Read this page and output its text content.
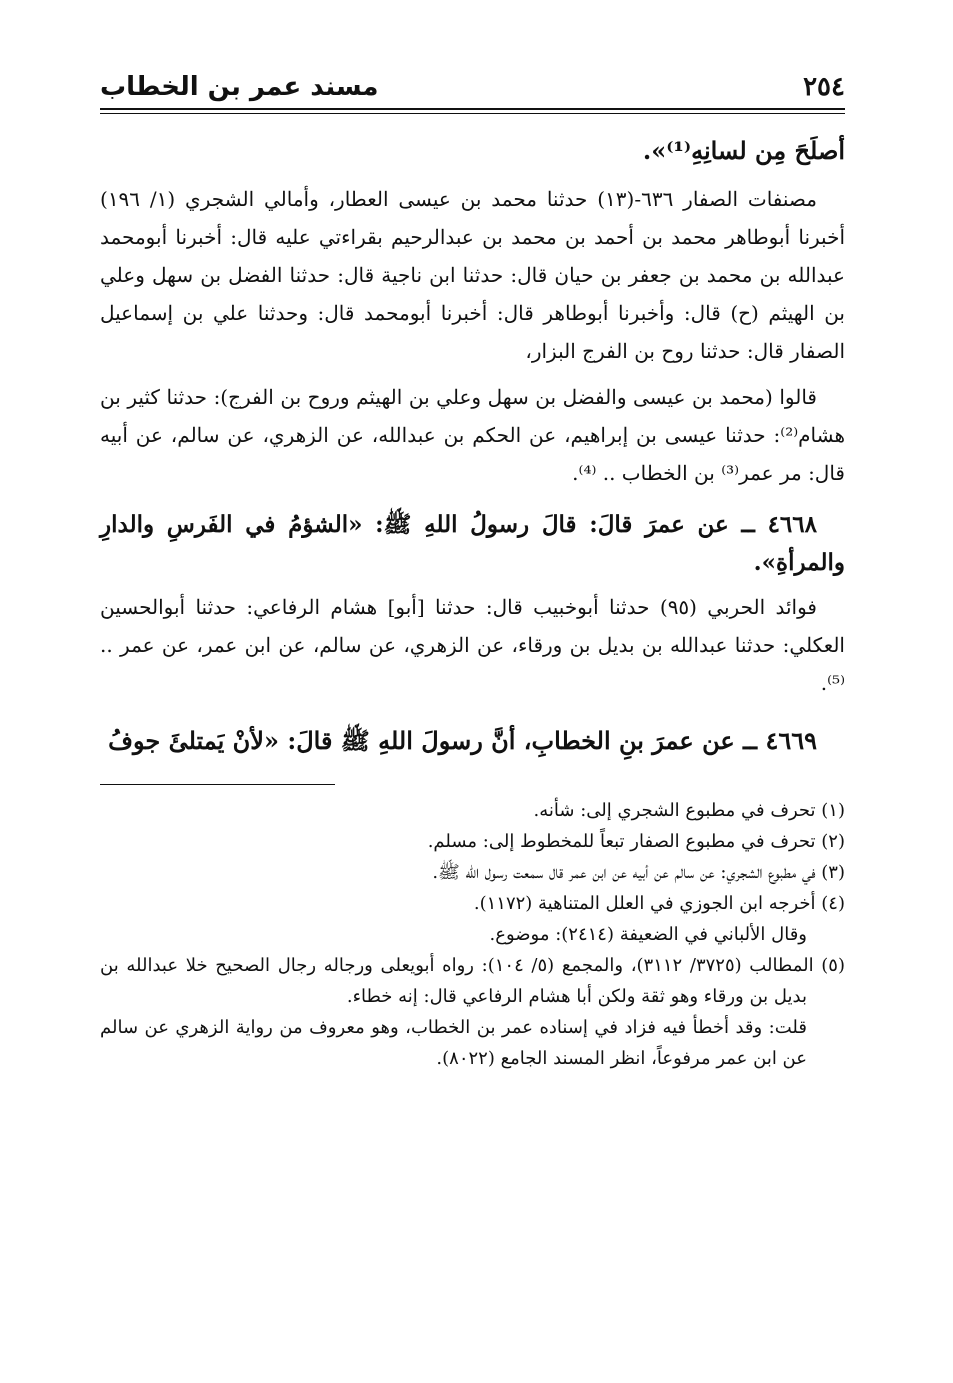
٢٥٤
مسند عمر بن الخطاب

أصلَحَ مِن لسانِهِ⁽¹⁾».

مصنفات الصفار ٦٣٦-(١٣) حدثنا محمد بن عيسى العطار، وأمالي الشجري (١/ ١٩٦) أخبرنا أبوطاهر محمد بن أحمد بن محمد بن عبدالرحيم بقراءتي عليه قال: أخبرنا أبومحمد عبدالله بن محمد بن جعفر بن حيان قال: حدثنا ابن ناجية قال: حدثنا الفضل بن سهل وعلي بن الهيثم (ح) قال: وأخبرنا أبوطاهر قال: أخبرنا أبومحمد قال: وحدثنا علي بن إسماعيل الصفار قال: حدثنا روح بن الفرج البزار،

قالوا (محمد بن عيسى والفضل بن سهل وعلي بن الهيثم وروح بن الفرج): حدثنا كثير بن هشام⁽²⁾: حدثنا عيسى بن إبراهيم، عن الحكم بن عبدالله، عن الزهري، عن سالم، عن أبيه قال: مر عمر⁽³⁾ بن الخطاب .. ⁽⁴⁾.

٤٦٦٨ ــ عن عمرَ قالَ: قالَ رسولُ اللهِ ﷺ: «الشؤمُ في الفَرسِ والدارِ والمرأةِ».

فوائد الحربي (٩٥) حدثنا أبوخبيب قال: حدثنا [أبو] هشام الرفاعي: حدثنا أبوالحسين العكلي: حدثنا عبدالله بن بديل بن ورقاء، عن الزهري، عن سالم، عن ابن عمر، عن عمر .. ⁽⁵⁾.

٤٦٦٩ ــ عن عمرَ بنِ الخطابِ، أنَّ رسولَ اللهِ ﷺ قالَ: «لأنْ يَمتلئَ جوفُ

(١) تحرف في مطبوع الشجري إلى: شأنه.

(٢) تحرف في مطبوع الصفار تبعاً للمخطوط إلى: مسلم.

(٣) في مطبوع الشجري: عن سالم عن أبيه عن ابن عمر قال سمعت رسول الله ﷺ.

(٤) أخرجه ابن الجوزي في العلل المتناهية (١١٧٢).

وقال الألباني في الضعيفة (٢٤١٤): موضوع.

(٥) المطالب (٣٧٢٥/ ٣١١٢)، والمجمع (٥/ ١٠٤): رواه أبويعلى ورجاله رجال الصحيح خلا عبدالله بن بديل بن ورقاء وهو ثقة ولكن أبا هشام الرفاعي قال: إنه خطاء.

قلت: وقد أخطأ فيه فزاد في إسناده عمر بن الخطاب، وهو معروف من رواية الزهري عن سالم عن ابن عمر مرفوعاً، انظر المسند الجامع (٨٠٢٢).
